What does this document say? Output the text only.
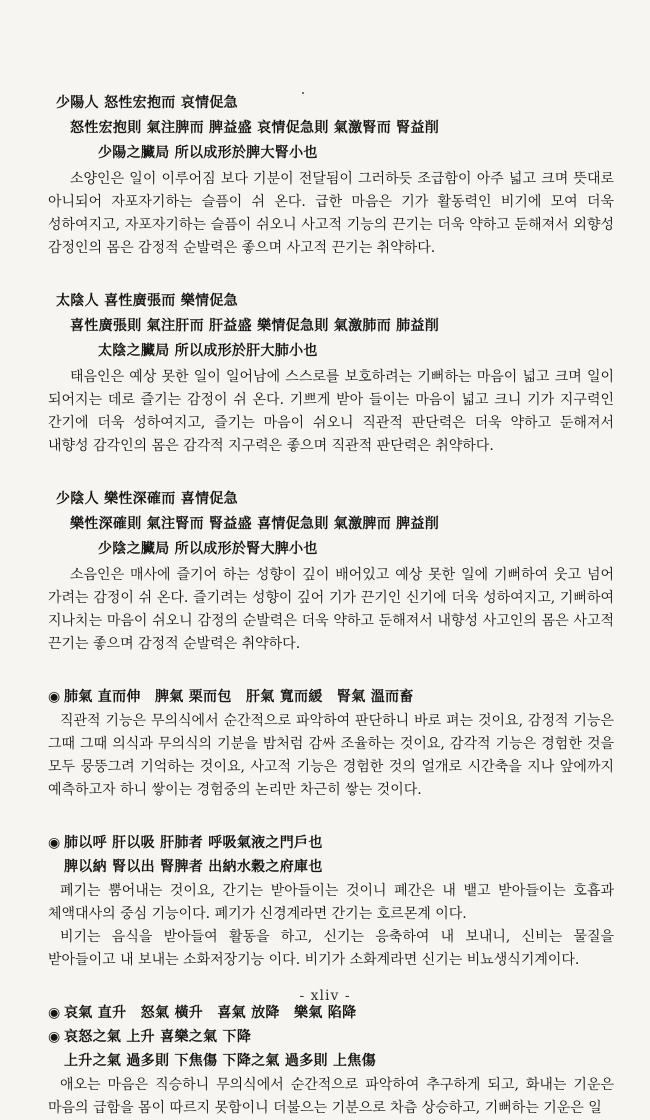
少陽人 怒性宏抱而 哀情促急
怒性宏抱則 氣注脾而 脾益盛 哀情促急則 氣激腎而 腎益削
少陽之臟局 所以成形於脾大腎小也

소양인은 일이 이루어짐 보다 기분이 전달됨이 그러하듯 조급함이 아주 넓고 크며 뜻대로 아니되어 자포자기하는 슬픔이 쉬 온다. 급한 마음은 기가 활동력인 비기에 모여 더욱 성하여지고, 자포자기하는 슬픔이 쉬오니 사고적 기능의 끈기는 더욱 약하고 둔해져서 외향성 감정인의 몸은 감정적 순발력은 좋으며 사고적 끈기는 취약하다.

太陰人 喜性廣張而 樂情促急
喜性廣張則 氣注肝而 肝益盛 樂情促急則 氣激肺而 肺益削
太陰之臟局 所以成形於肝大肺小也

태음인은 예상 못한 일이 일어남에 스스로를 보호하려는 기뻐하는 마음이 넓고 크며 일이 되어지는 데로 즐기는 감정이 쉬 온다. 기쁘게 받아 들이는 마음이 넓고 크니 기가 지구력인 간기에 더욱 성하여지고, 즐기는 마음이 쉬오니 직관적 판단력은 더욱 약하고 둔해져서 내향성 감각인의 몸은 감각적 지구력은 좋으며 직관적 판단력은 취약하다.

少陰人 樂性深確而 喜情促急
樂性深確則 氣注腎而 腎益盛 喜情促急則 氣激脾而 脾益削
少陰之臟局 所以成形於腎大脾小也

소음인은 매사에 즐기어 하는 성향이 깊이 배어있고 예상 못한 일에 기뻐하여 웃고 넘어 가려는 감정이 쉬 온다. 즐기려는 성향이 깊어 기가 끈기인 신기에 더욱 성하여지고, 기뻐하여 지나치는 마음이 쉬오니 감정의 순발력은 더욱 약하고 둔해져서 내향성 사고인의 몸은 사고적 끈기는 좋으며 감정적 순발력은 취약하다.

◉ 肺氣 直而伸　脾氣 栗而包　肝氣 寬而緩　腎氣 溫而畜

직관적 기능은 무의식에서 순간적으로 파악하여 판단하니 바로 펴는 것이요, 감정적 기능은 그때 그때 의식과 무의식의 기분을 밤처럼 감싸 조율하는 것이요, 감각적 기능은 경험한 것을 모두 뭉뚱그려 기억하는 것이요, 사고적 기능은 경험한 것의 얼개로 시간축을 지나 앞에까지 예측하고자 하니 쌓이는 경험중의 논리만 차근히 쌓는 것이다.

◉ 肺以呼 肝以吸 肝肺者 呼吸氣液之門戶也
脾以納 腎以出 腎脾者 出納水穀之府庫也

폐기는 뿜어내는 것이요, 간기는 받아들이는 것이니 폐간은 내 뱉고 받아들이는 호흡과 체액대사의 중심 기능이다. 폐기가 신경계라면 간기는 호르몬계 이다.

비기는 음식을 받아들여 활동을 하고, 신기는 응축하여 내 보내니, 신비는 물질을 받아들이고 내 보내는 소화저장기능 이다. 비기가 소화계라면 신기는 비뇨생식기계이다.

◉ 哀氣 直升　怒氣 橫升　喜氣 放降　樂氣 陷降
◉ 哀怒之氣 上升 喜樂之氣 下降
上升之氣 過多則 下焦傷 下降之氣 過多則 上焦傷

애오는 마음은 직승하니 무의식에서 순간적으로 파악하여 추구하게 되고, 화내는 기운은 마음의 급함을 몸이 따르지 못함이니 더불으는 기분으로 차츰 상승하고, 기뻐하는 기운은 일

- xliv -
